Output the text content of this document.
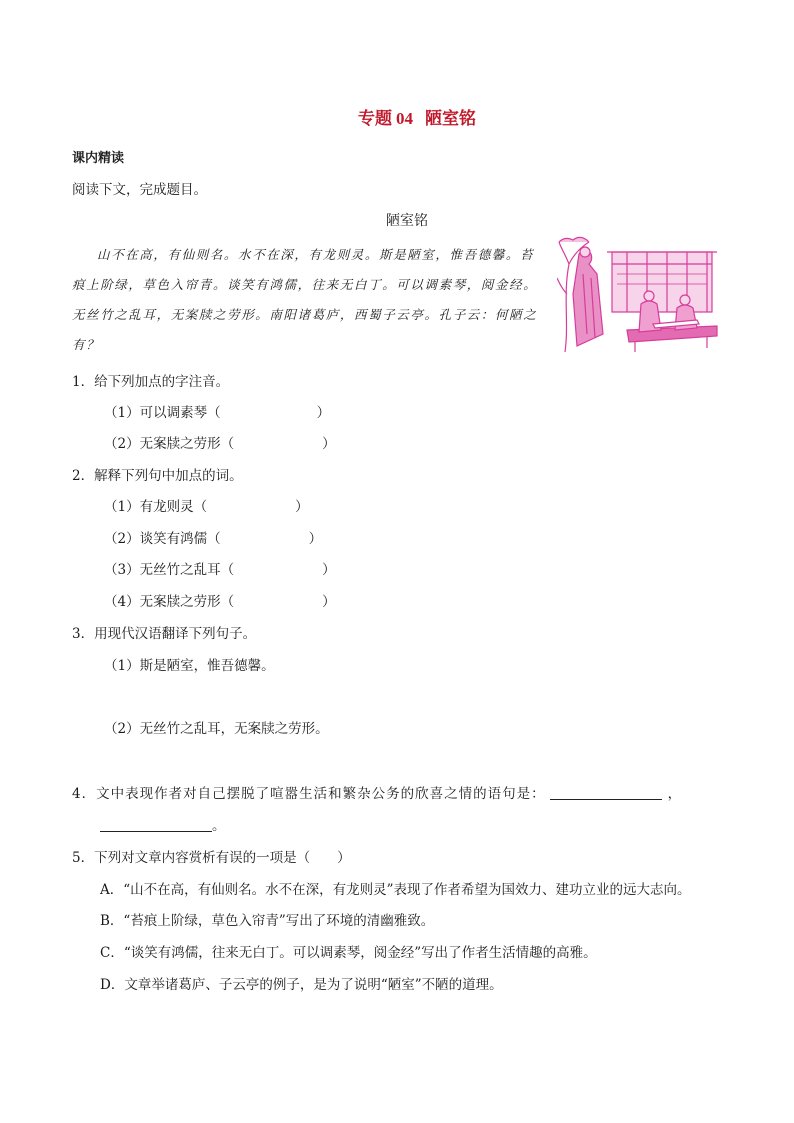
专题 04 陋室铭
课内精读
阅读下文，完成题目。
陋室铭
山不在高，有仙则名。水不在深，有龙则灵。斯是陋室，惟吾德馨。苔痕上阶绿，草色入帘青。谈笑有鸿儒，往来无白丁。可以调素琴，阅金经。无丝竹之乱耳，无案牍之劳形。南阳诸葛庐，西蜀子云亭。孔子云：何陋之有？
1．给下列加点的字注音。
（1）可以调素琴（	）
（2）无案牍之劳形（	）
2．解释下列句中加点的词。
（1）有龙则灵（	）
（2）谈笑有鸿儒（	）
（3）无丝竹之乱耳（	）
（4）无案牍之劳形（	）
3．用现代汉语翻译下列句子。
（1）斯是陋室，惟吾德馨。
（2）无丝竹之乱耳，无案牍之劳形。
4．文中表现作者对自己摆脱了喧嚣生活和繁杂公务的欣喜之情的语句是：	，
。
5．下列对文章内容赏析有误的一项是（　　）
A．“山不在高，有仙则名。水不在深，有龙则灵”表现了作者希望为国效力、建功立业的远大志向。
B．“苔痕上阶绿，草色入帘青”写出了环境的清幽雅致。
C．“谈笑有鸿儒，往来无白丁。可以调素琴，阅金经”写出了作者生活情趣的高雅。
D．文章举诸葛庐、子云亭的例子，是为了说明“陋室”不陋的道理。
